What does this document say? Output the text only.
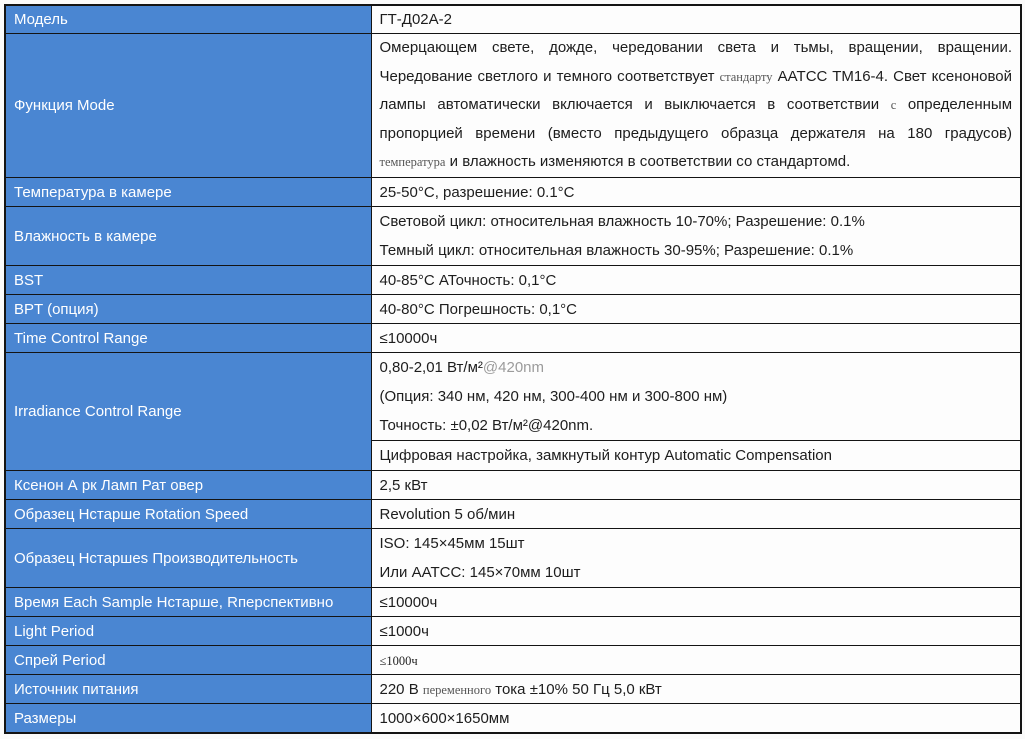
Модель	ГТ-Д02А-2
Функция Mode	Омерцающем свете, дожде, чередовании света и тьмы, вращении, вращении. Чередование светлого и темного соответствует стандарту AATCC TM16-4. Свет ксеноновой лампы автоматически включается и выключается в соответствии с определенным пропорцией времени (вместо предыдущего образца держателя на 180 градусов) температура и влажность изменяются в соответствии со стандартомd.

Температура в камере	25-50°C, разрешение: 0.1°C
Влажность в камере	Световой цикл: относительная влажность 10-70%; Разрешение: 0.1%
Темный цикл: относительная влажность 30-95%; Разрешение: 0.1%

BST	40-85°C АТочность: 0,1°C
BPT (опция)	40-80°C Погрешность: 0,1°C
Time Control Range	≤10000ч
Irradiance Control Range	0,80-2,01 Вт/м²@420nm
(Опция: 340 нм, 420 нм, 300-400 нм и 300-800 нм)
Точность: ±0,02 Вт/м²@420nm.

	Цифровая настройка, замкнутый контур Automatic Compensation
Ксенон А рк Ламп Рат овер	2,5 кВт
Образец Нстарше Rotation Speed	Revolution 5 об/мин
Образец Нстаршеs Производительность	ISO: 145×45мм 15шт
Или AATCC: 145×70мм 10шт

Время Each Sample Нстарше, Rперспективно	≤10000ч
Light Period	≤1000ч
Спрей Period	≤1000ч
Источник питания	220 В переменного тока ±10% 50 Гц 5,0 кВт
Размеры	1000×600×1650мм
